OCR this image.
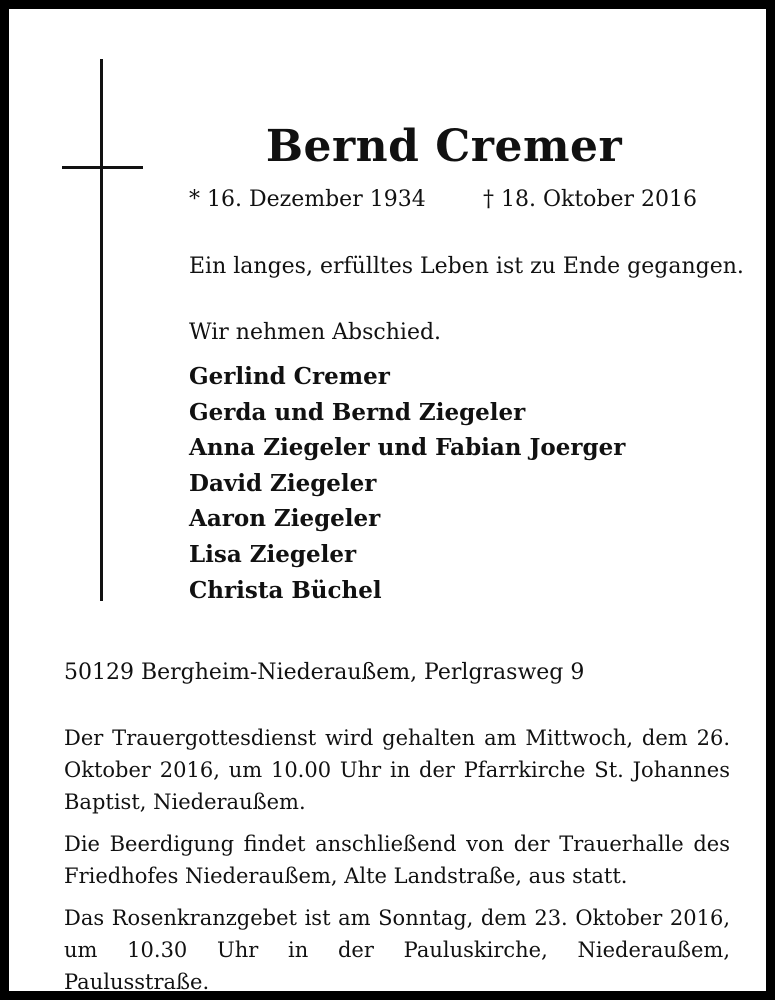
Bernd Cremer
* 16. Dezember 1934	† 18. Oktober 2016
Ein langes, erfülltes Leben ist zu Ende gegangen.
Wir nehmen Abschied.
Gerlind Cremer
Gerda und Bernd Ziegeler
Anna Ziegeler und Fabian Joerger
David Ziegeler
Aaron Ziegeler
Lisa Ziegeler
Christa Büchel
50129 Bergheim-Niederaußem, Perlgrasweg 9
Der Trauergottesdienst wird gehalten am Mittwoch, dem 26. Oktober 2016, um 10.00 Uhr in der Pfarrkirche St. Johannes Baptist, Niederaußem.
Die Beerdigung findet anschließend von der Trauerhalle des Friedhofes Niederaußem, Alte Landstraße, aus statt.
Das Rosenkranzgebet ist am Sonntag, dem 23. Oktober 2016, um 10.30 Uhr in der Pauluskirche, Niederaußem, Paulusstraße.
